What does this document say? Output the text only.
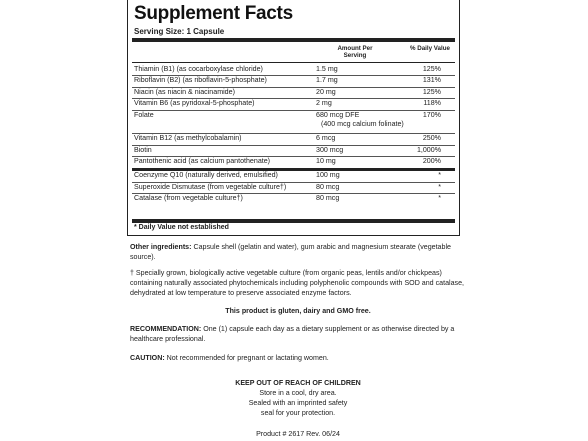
Supplement Facts
Serving Size: 1 Capsule
Amount Per Serving
% Daily Value
Thiamin (B1) (as cocarboxylase chloride)	1.5 mg	125%
Riboflavin (B2) (as riboflavin-5-phosphate)	1.7 mg	131%
Niacin (as niacin & niacinamide)	20 mg	125%
Vitamin B6 (as pyridoxal-5-phosphate)	2 mg	118%
Folate	680 mcg DFE	170%
(400 mcg calcium folinate)
Vitamin B12 (as methylcobalamin)	6 mcg	250%
Biotin	300 mcg	1,000%
Pantothenic acid (as calcium pantothenate)	10 mg	200%
Coenzyme Q10 (naturally derived, emulsified)	100 mg	*
Superoxide Dismutase (from vegetable culture†)	80 mcg	*
Catalase (from vegetable culture†)	80 mcg	*
* Daily Value not established
Other ingredients: Capsule shell (gelatin and water), gum arabic and magnesium stearate (vegetable source).
† Specially grown, biologically active vegetable culture (from organic peas, lentils and/or chickpeas) containing naturally associated phytochemicals including polyphenolic compounds with SOD and catalase, dehydrated at low temperature to preserve associated enzyme factors.
This product is gluten, dairy and GMO free.
RECOMMENDATION: One (1) capsule each day as a dietary supplement or as otherwise directed by a healthcare professional.
CAUTION: Not recommended for pregnant or lactating women.
KEEP OUT OF REACH OF CHILDREN
Store in a cool, dry area.
Sealed with an imprinted safety
seal for your protection.
Product # 2617 Rev. 06/24
